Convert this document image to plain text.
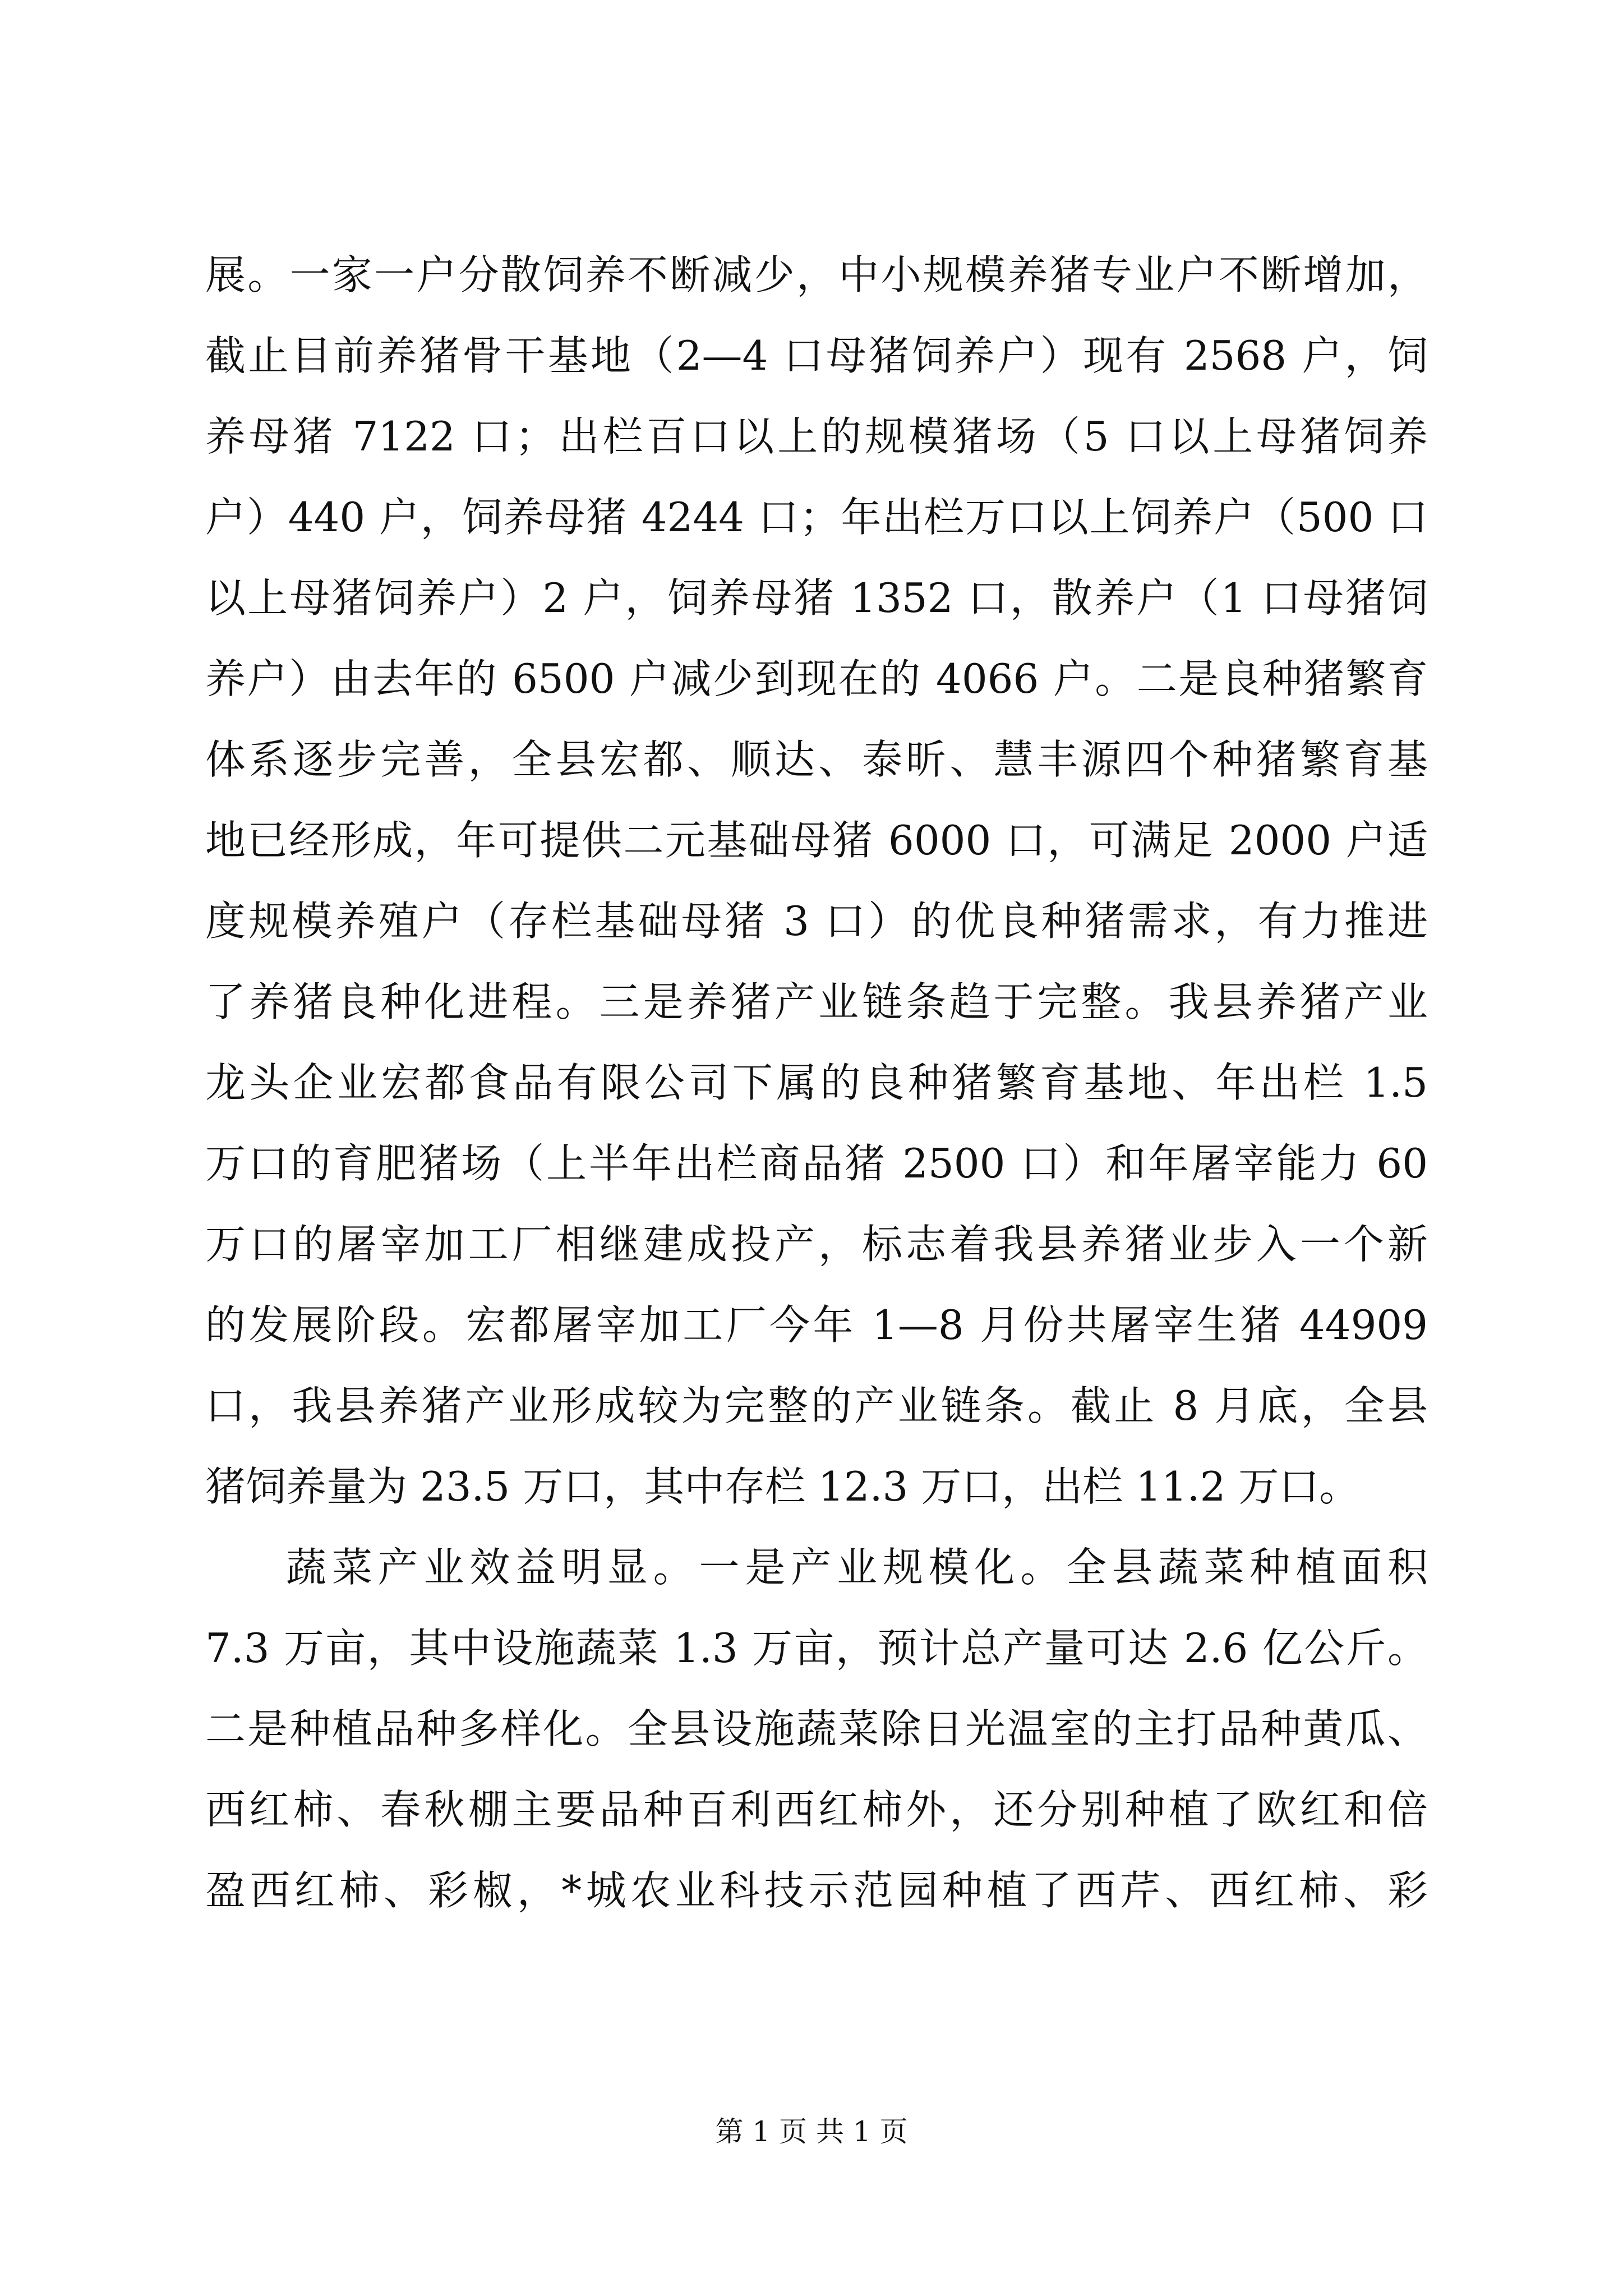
展。一家一户分散饲养不断减少，中小规模养猪专业户不断增加，
截止目前养猪骨干基地（2—4 口母猪饲养户）现有 2568 户，饲
养母猪 7122 口；出栏百口以上的规模猪场（5 口以上母猪饲养
户）440 户，饲养母猪 4244 口；年出栏万口以上饲养户（500 口
以上母猪饲养户）2 户，饲养母猪 1352 口，散养户（1 口母猪饲
养户）由去年的 6500 户减少到现在的 4066 户。二是良种猪繁育
体系逐步完善，全县宏都、顺达、泰昕、慧丰源四个种猪繁育基
地已经形成，年可提供二元基础母猪 6000 口，可满足 2000 户适
度规模养殖户（存栏基础母猪 3 口）的优良种猪需求，有力推进
了养猪良种化进程。三是养猪产业链条趋于完整。我县养猪产业
龙头企业宏都食品有限公司下属的良种猪繁育基地、年出栏 1.5
万口的育肥猪场（上半年出栏商品猪 2500 口）和年屠宰能力 60
万口的屠宰加工厂相继建成投产，标志着我县养猪业步入一个新
的发展阶段。宏都屠宰加工厂今年 1—8 月份共屠宰生猪 44909
口，我县养猪产业形成较为完整的产业链条。截止 8 月底，全县
猪饲养量为 23.5 万口，其中存栏 12.3 万口，出栏 11.2 万口。
蔬菜产业效益明显。一是产业规模化。全县蔬菜种植面积
7.3 万亩，其中设施蔬菜 1.3 万亩，预计总产量可达 2.6 亿公斤。
二是种植品种多样化。全县设施蔬菜除日光温室的主打品种黄瓜、
西红柿、春秋棚主要品种百利西红柿外，还分别种植了欧红和倍
盈西红柿、彩椒，*城农业科技示范园种植了西芹、西红柿、彩
第 1 页 共 1 页
